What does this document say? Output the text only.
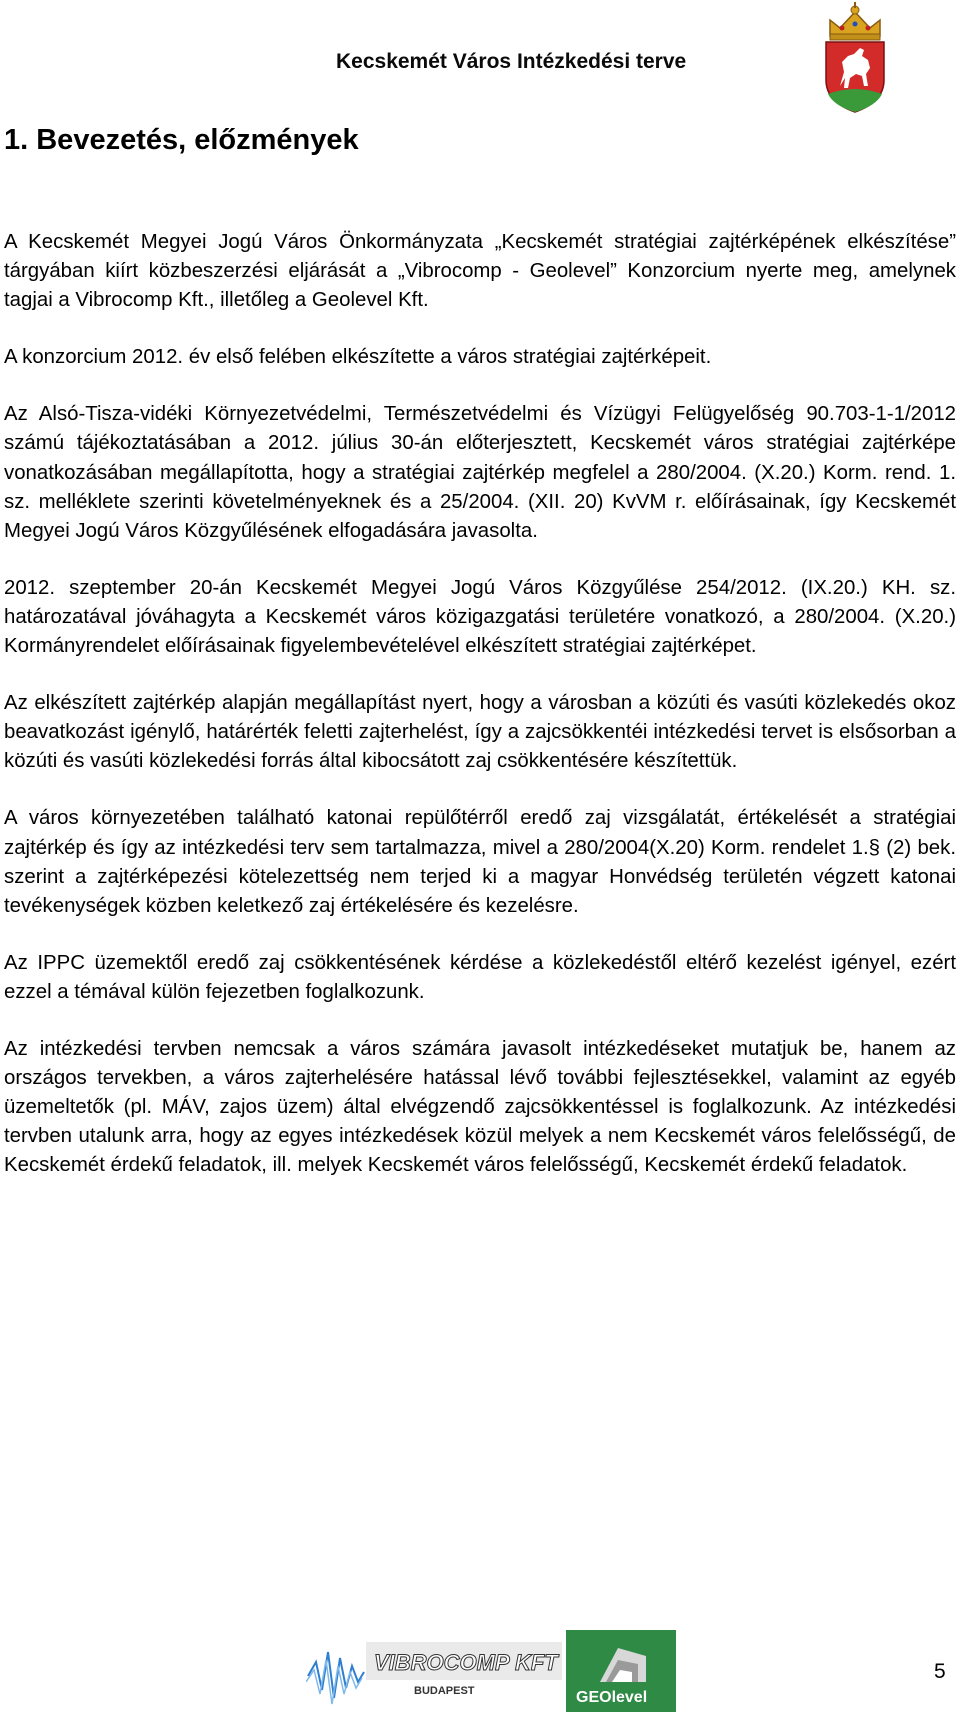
Kecskemét Város Intézkedési terve
1. Bevezetés, előzmények

A Kecskemét Megyei Jogú Város Önkormányzata „Kecskemét stratégiai zajtérképének elkészítése” tárgyában kiírt közbeszerzési eljárását a „Vibrocomp - Geolevel” Konzorcium nyerte meg, amelynek tagjai a Vibrocomp Kft., illetőleg a Geolevel Kft.

A konzorcium 2012. év első felében elkészítette a város stratégiai zajtérképeit.

Az Alsó-Tisza-vidéki Környezetvédelmi, Természetvédelmi és Vízügyi Felügyelőség 90.703-1-1/2012 számú tájékoztatásában a 2012. július 30-án előterjesztett, Kecskemét város stratégiai zajtérképe vonatkozásában megállapította, hogy a stratégiai zajtérkép megfelel a 280/2004. (X.20.) Korm. rend. 1. sz. melléklete szerinti követelményeknek és a 25/2004. (XII. 20) KvVM r. előírásainak, így Kecskemét Megyei Jogú Város Közgyűlésének elfogadására javasolta.

2012. szeptember 20-án Kecskemét Megyei Jogú Város Közgyűlése 254/2012. (IX.20.) KH. sz. határozatával jóváhagyta a Kecskemét város közigazgatási területére vonatkozó, a 280/2004. (X.20.) Kormányrendelet előírásainak figyelembevételével elkészített stratégiai zajtérképet.

Az elkészített zajtérkép alapján megállapítást nyert, hogy a városban a közúti és vasúti közlekedés okoz beavatkozást igénylő, határérték feletti zajterhelést, így a zajcsökkentéi intézkedési tervet is elsősorban a közúti és vasúti közlekedési forrás által kibocsátott zaj csökkentésére készítettük.

A város környezetében található katonai repülőtérről eredő zaj vizsgálatát, értékelését a stratégiai zajtérkép és így az intézkedési terv sem tartalmazza, mivel a 280/2004(X.20) Korm. rendelet 1.§ (2) bek. szerint a zajtérképezési kötelezettség nem terjed ki a magyar Honvédség területén végzett katonai tevékenységek közben keletkező zaj értékelésére és kezelésre.

Az IPPC üzemektől eredő zaj csökkentésének kérdése a közlekedéstől eltérő kezelést igényel, ezért ezzel a témával külön fejezetben foglalkozunk.

Az intézkedési tervben nemcsak a város számára javasolt intézkedéseket mutatjuk be, hanem az országos tervekben, a város zajterhelésére hatással lévő további fejlesztésekkel, valamint az egyéb üzemeltetők (pl. MÁV, zajos üzem) által elvégzendő zajcsökkentéssel is foglalkozunk. Az intézkedési tervben utalunk arra, hogy az egyes intézkedések közül melyek a nem Kecskemét város felelősségű, de Kecskemét érdekű feladatok, ill. melyek Kecskemét város felelősségű, Kecskemét érdekű feladatok.

VIBROCOMP KFT
BUDAPEST	GEOlevel
5
